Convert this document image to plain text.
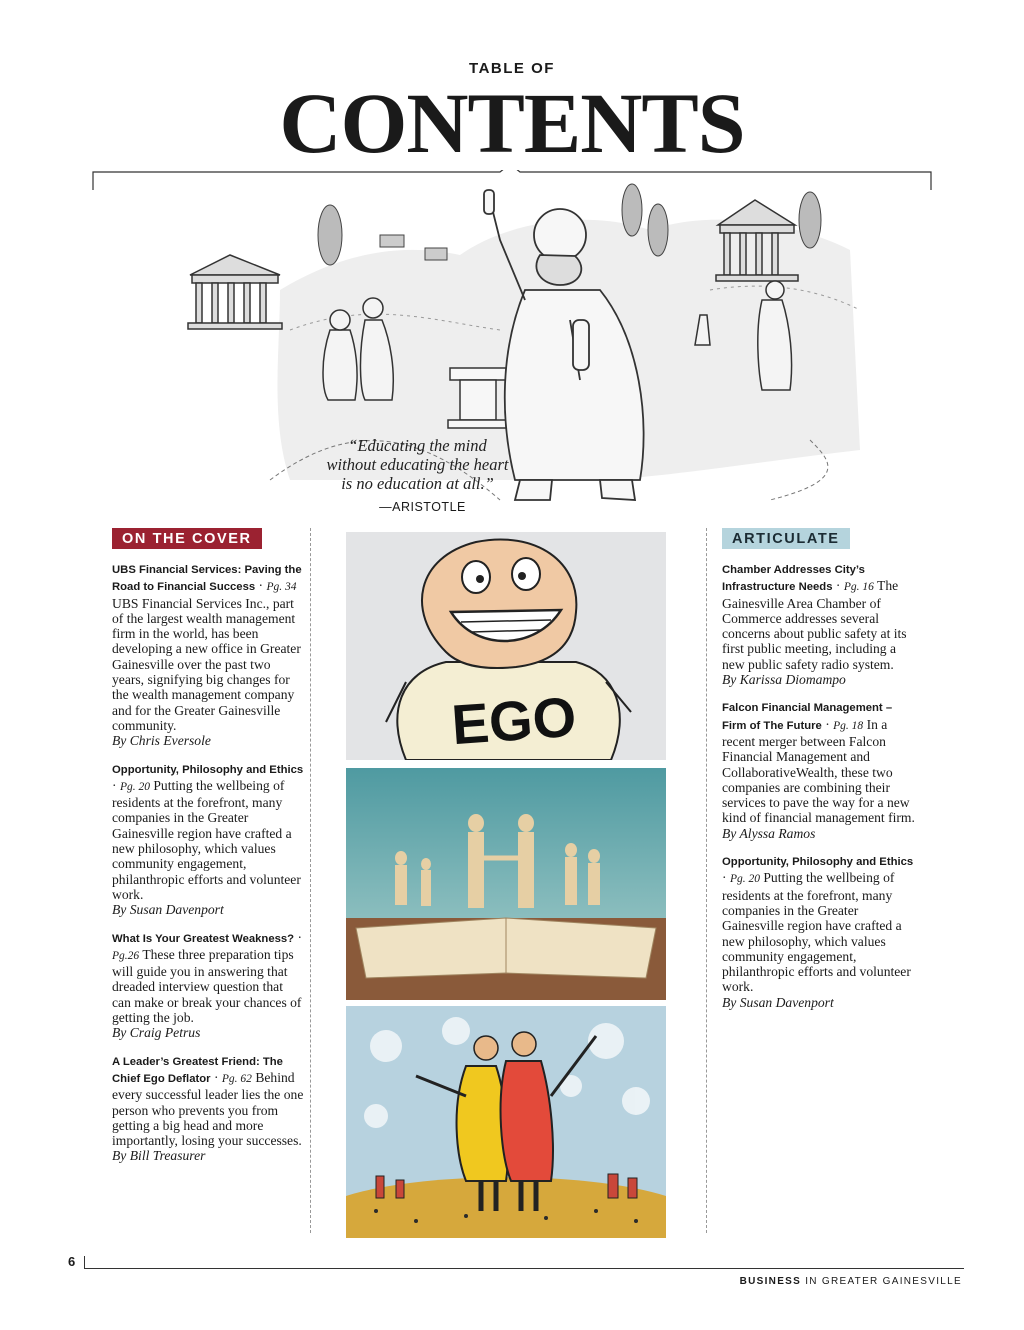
TABLE OF
CONTENTS
“Educating the mind
without educating the heart
is no education at all.”
—ARISTOTLE
ON THE COVER
UBS Financial Services: Paving the Road to Financial Success · Pg. 34 UBS Financial Services Inc., part of the largest wealth management firm in the world, has been developing a new office in Greater Gainesville over the past two years, signifying big changes for the wealth management company and for the Greater Gainesville community.
By Chris Eversole
Opportunity, Philosophy and Ethics · Pg. 20 Putting the wellbeing of residents at the forefront, many companies in the Greater Gainesville region have crafted a new philosophy, which values community engagement, philanthropic efforts and volunteer work.
By Susan Davenport
What Is Your Greatest Weakness? · Pg.26 These three preparation tips will guide you in answering that dreaded interview question that can make or break your chances of getting the job.
By Craig Petrus
A Leader’s Greatest Friend: The Chief Ego Deflator · Pg. 62 Behind every successful leader lies the one person who prevents you from getting a big head and more importantly, losing your successes.
By Bill Treasurer
EGO
ARTICULATE
Chamber Addresses City’s Infrastructure Needs · Pg. 16 The Gainesville Area Chamber of Commerce addresses several concerns about public safety at its first public meeting, including a new public safety radio system.
By Karissa Diomampo
Falcon Financial Management – Firm of The Future · Pg. 18 In a recent merger between Falcon Financial Management and CollaborativeWealth, these two companies are combining their services to pave the way for a new kind of financial management firm.
By Alyssa Ramos
Opportunity, Philosophy and Ethics · Pg. 20 Putting the wellbeing of residents at the forefront, many companies in the Greater Gainesville region have crafted a new philosophy, which values community engagement, philanthropic efforts and volunteer work.
By Susan Davenport
6
BUSINESS IN GREATER GAINESVILLE
